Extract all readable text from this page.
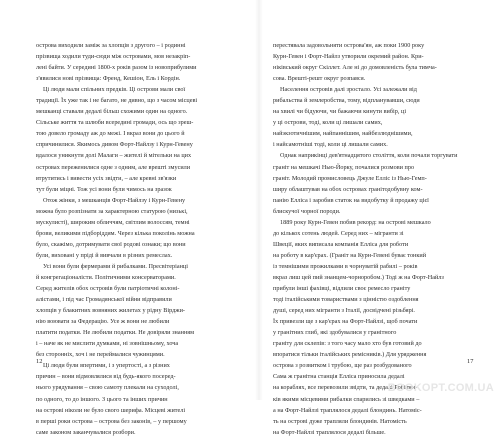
острова виходили заміж за хлопців з другого – і родинні
прізвища ходили туди-сюди між островами, мов незакріп-
лені байти. У середині 1800-х років разом із новоприбулими
з'явилися нові прізвища: Френд, Кешіон, Ель і Кордін.
Ці люди мали спільних предків. Ці острови мали свої
традиції. Їх уже так і не багато, не дивно, що з часом місцеві
мешканці ставали дедалі більш схожими один на одного.
Сільське життя та шлюби всередині громади, ось що зреш-
тою довело громаду аж до межі. І вкраз вони до цього й
спричинилися. Якимось дивом Форт-Найлзу і Курн-Гевену
вдалося уникнути долі Малаги – жителі й мітельки на цих
островах переженилися одне з одним, але врешті змусили
втрутитись і вивести усіх звідти, – але кревні зв'язки
тут були міцні. Тож усі вони були чимось на зразок
Отож жінки, з мешканців Форт-Найлзу і Курн-Гевену
можна було розпізнати за характерною статурою (низькі,
мускулисті), широким обличчям, світлим волоссям, темні
брови, великими підборіддям. Через кілька поколінь можна
було, скажімо, дотримувати свої родові ознаки; що вони
були, виховані у пріді й вивчали в різних ремеслах.
Усі вони були фермерами й рибалками. Пресвітеріанці
й конгрегаціоналісти. Політичними консерваторами.
Серед жителів обох островів були патріотичні колоні-
алістами, і під час Громадянської війни відправили
хлопців у блакитних вовняних жилетах у рідну Вірджи-
нію воювати за Федерацію. Усе ж вони не любили
платити податки. Не любили податки. Не довіряли знанням
і – наче як не мислити думками, ні зовнішньому, хоча
без сторонніх, хоч і не переймалися чужинцями.
Ці люди були впертими, і з упертості, а з різних
причин – вони відмовлялися від будь-якого посеред-
нього урядування – свою самоту плекали на суходолі,
по одного, то до іншого. З цього та інших причин
на острові ніколи не було свого шерифа. Місцеві жителі
в перші роки острова – острова без законів, – у першому
саме законом заканчувалися розбори.
перестявала задовольняти острова'ян, аж поки 1900 року
Курн-Гевен і Форт-Найлз утворили окремий район. Кри-
ніківський округ Скіллет. Але ні до домовленість була тимча-
сова. Врешті-решт округ розпався.
Населення островів далі зростало. Усі залежали від
рибальства й землеробства, тому, відпланувавши, сюди
на хвилі чи бідуючи, чи бажаючи кинути вибір, ці
у ці острови, тоді, коли ці лишали самих,
найэкзотичнішим, найпаннішим, найбезлюднішими,
і найсамотніші тоді, коли ці лишали самих.
Однак наприкінці дев'ятнадцятого століття, коли почали торгувати
граніт на мешкачі Нью-Йорку, почалися розмови про
граніт. Молодий промисловець Джуле Елліс із Нью-Гемп-
ширу облаштував на обох островах гранітодобувну ком-
панію Елліса і заробив статок на видобутку й продажу цієї
блискучої чорної породи.
1889 року Курн-Гевен побив рекорд: на острові мешкало
до кількох сотень людей. Серед них – мігранти зі
Швеції, яких виписала компанія Елліса для роботи
на роботу в кар'єрах. (Граніт на Курн-Гевені буває тонкий
із темнішими прожилками в чорнуватій рабилі – років
вкраз лиш цей пий знанцем-чорноробом.) Тоді ж на Форт-Найлз
прибули інші фахівці, відлили своє ремесло граніту
тоді італійськими товариствами з цінністю оздоблення
душі, серед них мігранти з Італії, досвідчені різьбярі.
Їх привезли ще з кар'єрах на Форт-Найлзі, щоб почати
у гранітних глиб, які здобувалися у гранітного
граніту для склепів: з того часу мало хто був готовий до
впоратися тільки італійських ремісників.) Для урядження
острова з розвитком і трубою, ще раз розбудованого
Сама ж гранітна станція Елліса приносила дедалі
на кораблях, все перевозили звідти, та дедалі Робітни-
ків якими місцевими рибалки спарились зі шведками –
а на Форт-Найлзі траплялося дедалі блондинь. Натоміс-
ть на острові дуже трапляли блондинів. Натомість
на Форт-Найлзі траплялося дедалі більше.
12	17
BOOKOPT.COM.UA
